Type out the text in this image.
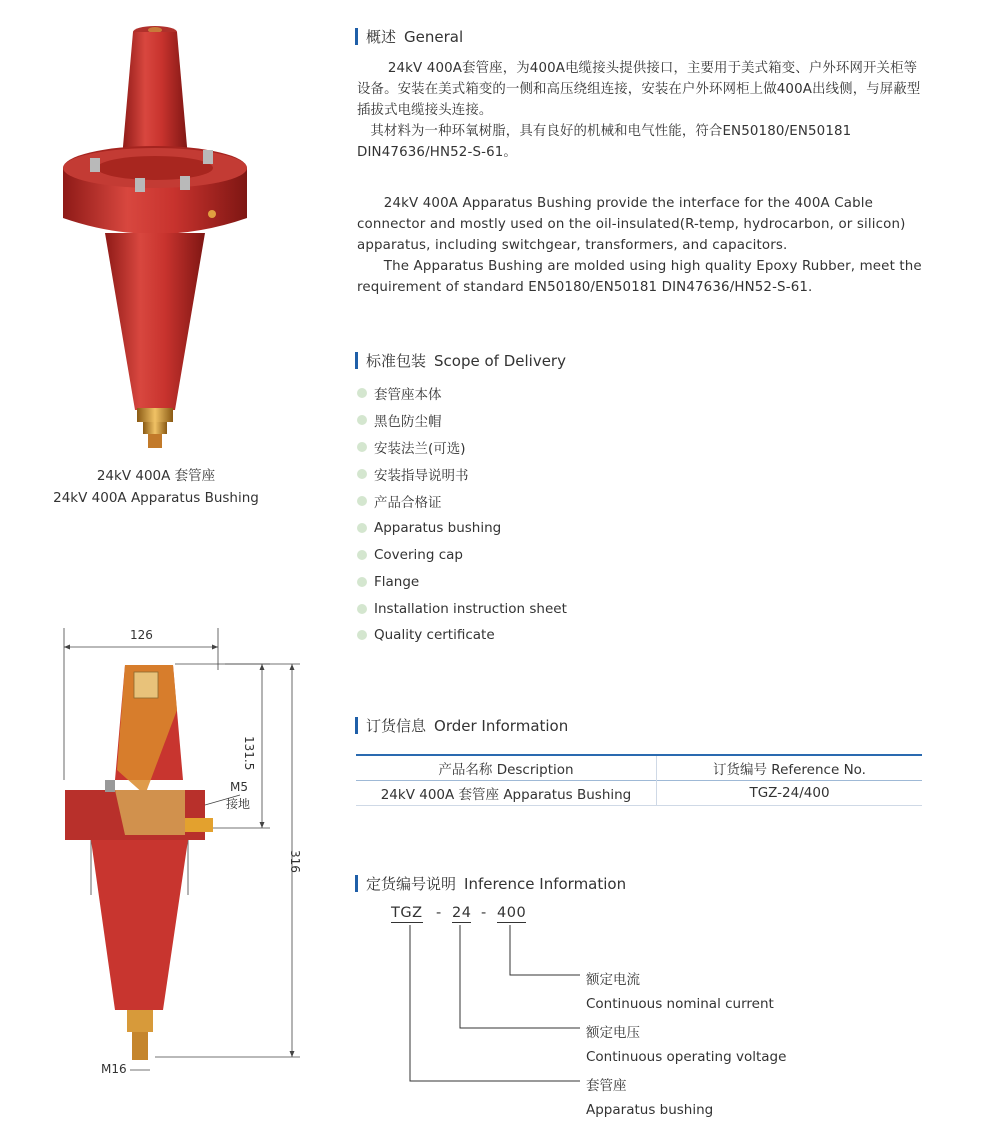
24kV 400A 套管座
24kV 400A Apparatus Bushing
126
131.5
316
M5
接地
M16
概述 General

24kV 400A套管座，为400A电缆接头提供接口，主要用于美式箱变、户外环网开关柜等设备。安装在美式箱变的一侧和高压绕组连接，安装在户外环网柜上做400A出线侧，与屏蔽型插拔式电缆接头连接。

其材料为一种环氧树脂，具有良好的机械和电气性能，符合EN50180/EN50181 DIN47636/HN52-S-61。

24kV 400A Apparatus Bushing provide the interface for the 400A Cable connector and mostly used on the oil-insulated(R-temp, hydrocarbon, or silicon) apparatus, including switchgear, transformers, and capacitors.

The Apparatus Bushing are molded using high quality Epoxy Rubber, meet the requirement of standard EN50180/EN50181 DIN47636/HN52-S-61.

标准包装 Scope of Delivery
套管座本体
黑色防尘帽
安装法兰(可选)
安装指导说明书
产品合格证
Apparatus bushing
Covering cap
Flange
Installation instruction sheet
Quality certificate
订货信息 Order Information
产品名称 Description	订货编号 Reference No.
24kV 400A 套管座 Apparatus Bushing	TGZ-24/400
定货编号说明 Inference Information
TGZ - 24 - 400
额定电流
Continuous nominal current
额定电压
Continuous operating voltage
套管座
Apparatus bushing
